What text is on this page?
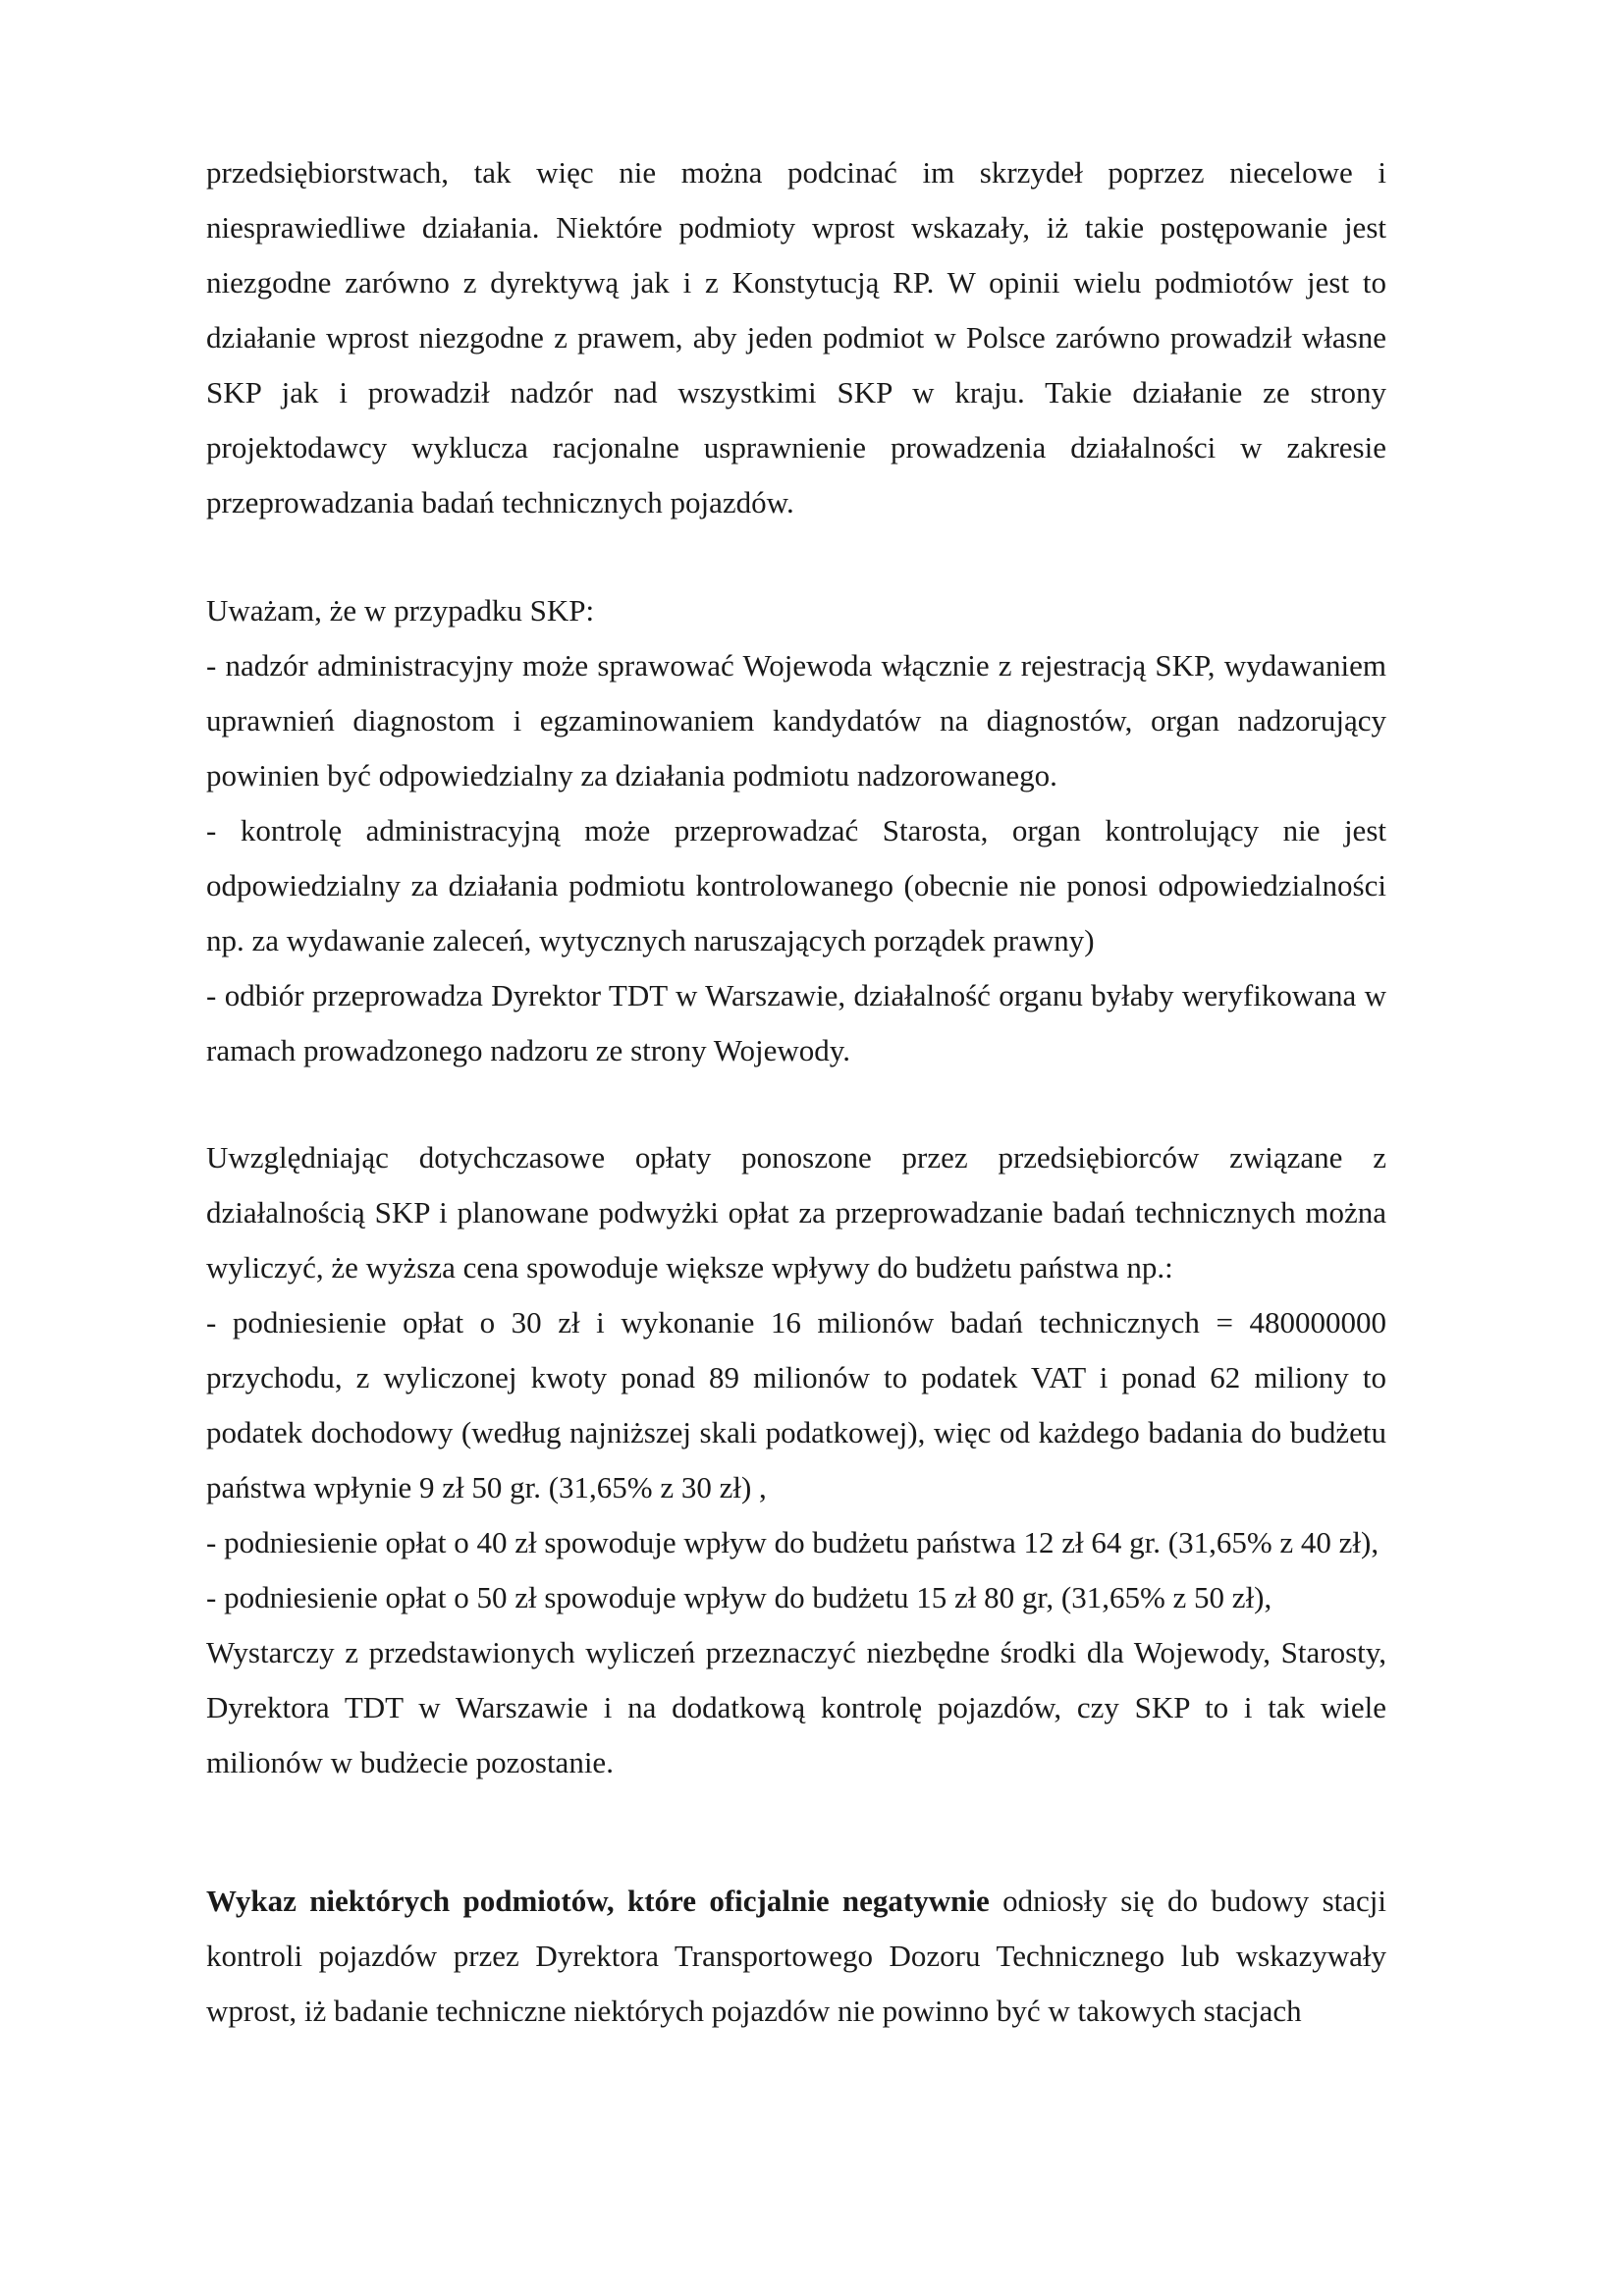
przedsiębiorstwach, tak więc nie można podcinać im skrzydeł poprzez niecelowe i niesprawiedliwe działania. Niektóre podmioty wprost wskazały, iż takie postępowanie jest niezgodne zarówno z dyrektywą jak i z Konstytucją RP. W opinii wielu podmiotów jest to działanie wprost niezgodne z prawem, aby jeden podmiot w Polsce zarówno prowadził własne SKP jak i prowadził nadzór nad wszystkimi SKP w kraju. Takie działanie ze strony projektodawcy wyklucza racjonalne usprawnienie prowadzenia działalności w zakresie przeprowadzania badań technicznych pojazdów.

Uważam, że w przypadku SKP:

- nadzór administracyjny może sprawować Wojewoda włącznie z rejestracją SKP, wydawaniem uprawnień diagnostom i egzaminowaniem kandydatów na diagnostów, organ nadzorujący powinien być odpowiedzialny za działania podmiotu nadzorowanego.

- kontrolę administracyjną może przeprowadzać Starosta, organ kontrolujący nie jest odpowiedzialny za działania podmiotu kontrolowanego (obecnie nie ponosi odpowiedzialności np. za wydawanie zaleceń, wytycznych naruszających porządek prawny)

- odbiór przeprowadza Dyrektor TDT w Warszawie, działalność organu byłaby weryfikowana w ramach prowadzonego nadzoru ze strony Wojewody.

Uwzględniając dotychczasowe opłaty ponoszone przez przedsiębiorców związane z działalnością SKP i planowane podwyżki opłat za przeprowadzanie badań technicznych można wyliczyć, że wyższa cena spowoduje większe wpływy do budżetu państwa np.:

- podniesienie opłat o 30 zł i wykonanie 16 milionów badań technicznych = 480000000 przychodu, z wyliczonej kwoty ponad 89 milionów to podatek VAT i ponad 62 miliony to podatek dochodowy (według najniższej skali podatkowej), więc od każdego badania do budżetu państwa wpłynie 9 zł 50 gr. (31,65% z 30 zł) ,

- podniesienie opłat o 40 zł spowoduje wpływ do budżetu państwa 12 zł 64 gr. (31,65% z 40 zł),

- podniesienie opłat o 50 zł spowoduje wpływ do budżetu 15 zł 80 gr, (31,65% z 50 zł),

Wystarczy z przedstawionych wyliczeń przeznaczyć niezbędne środki dla Wojewody, Starosty, Dyrektora TDT w Warszawie i na dodatkową kontrolę pojazdów, czy SKP to i tak wiele milionów w budżecie pozostanie.

Wykaz niektórych podmiotów, które oficjalnie negatywnie odniosły się do budowy stacji kontroli pojazdów przez Dyrektora Transportowego Dozoru Technicznego lub wskazywały wprost, iż badanie techniczne niektórych pojazdów nie powinno być w takowych stacjach
